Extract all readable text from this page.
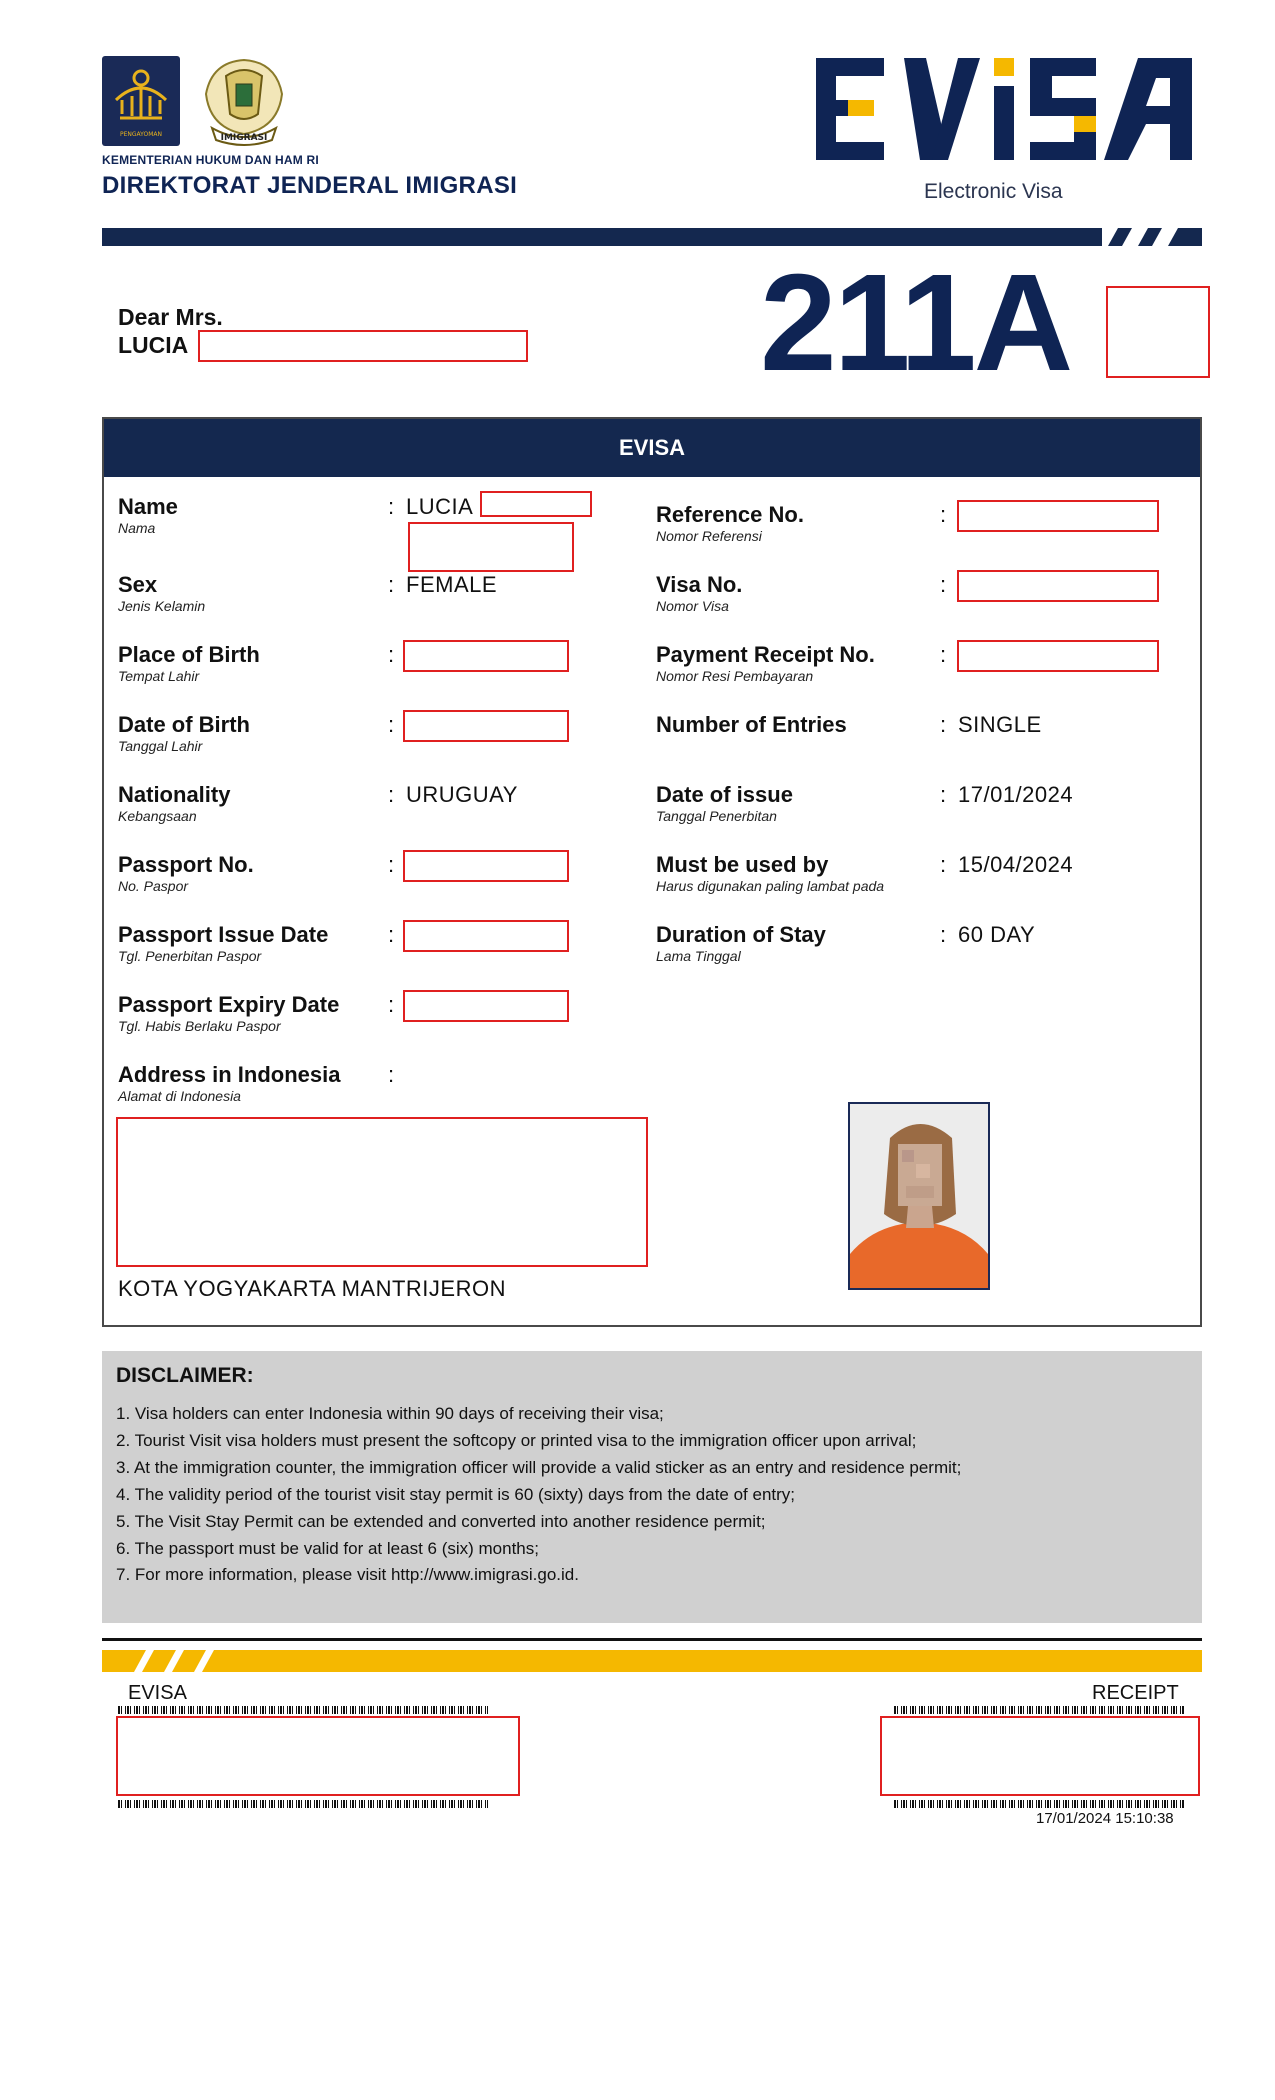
PENGAYOMAN	IMIGRASI
KEMENTERIAN HUKUM DAN HAM RI
DIREKTORAT JENDERAL IMIGRASI	Electronic Visa
Dear Mrs.
LUCIA	211A
EVISA
Name
Nama
: LUCIA
Sex
Jenis Kelamin
: FEMALE
Place of Birth
Tempat Lahir
:
Date of Birth
Tanggal Lahir
:
Nationality
Kebangsaan
: URUGUAY
Passport No.
No. Paspor
:
Passport Issue Date
Tgl. Penerbitan Paspor
:
Passport Expiry Date
Tgl. Habis Berlaku Paspor
:
Address in Indonesia
Alamat di Indonesia
:
KOTA YOGYAKARTA MANTRIJERON
Reference No.
Nomor Referensi
:
Visa No.
Nomor Visa
:
Payment Receipt No.
Nomor Resi Pembayaran
:
Number of Entries	: SINGLE
Date of issue
Tanggal Penerbitan
: 17/01/2024
Must be used by
Harus digunakan paling lambat pada
: 15/04/2024
Duration of Stay
Lama Tinggal
: 60 DAY
DISCLAIMER:
1. Visa holders can enter Indonesia within 90 days of receiving their visa;
2. Tourist Visit visa holders must present the softcopy or printed visa to the immigration officer upon arrival;
3. At the immigration counter, the immigration officer will provide a valid sticker as an entry and residence permit;
4. The validity period of the tourist visit stay permit is 60 (sixty) days from the date of entry;
5. The Visit Stay Permit can be extended and converted into another residence permit;
6. The passport must be valid for at least 6 (six) months;
7. For more information, please visit http://www.imigrasi.go.id.
EVISA	RECEIPT
17/01/2024 15:10:38
